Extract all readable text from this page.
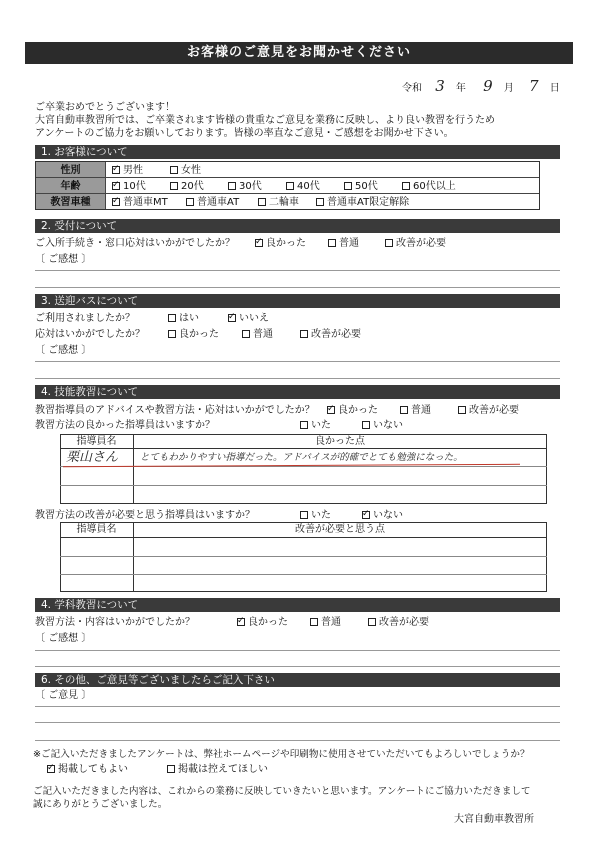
お客様のご意見をお聞かせください
令和 3 年 9 月 7 日
ご卒業おめでとうございます！
大宮自動車教習所では、ご卒業されます皆様の貴重なご意見を業務に反映し、より良い教習を行うため
アンケートのご協力をお願いしております。皆様の率直なご意見・ご感想をお聞かせ下さい。
1. お客様について
性別 ✓	男性	女性
年齢 ✓	10代	20代	30代	40代	50代	60代以上
教習車種 ✓	普通車MT	普通車AT	二輪車	普通車AT限定解除
2. 受付について
ご入所手続き・窓口応対はいかがでしたか？ ✓	良かった	普通	改善が必要
〔 ご感想 〕
3. 送迎バスについて
ご利用されましたか？	はい ✓	いいえ
応対はいかがでしたか？	良かった	普通	改善が必要
〔 ご感想 〕
4. 技能教習について
教習指導員のアドバイスや教習方法・応対はいかがでしたか？ ✓	良かった	普通	改善が必要
教習方法の良かった指導員はいますか？	いた	いない
指導員名	良かった点
栗山さん とてもわかりやすい指導だった。アドバイスが的確でとても勉強になった。
教習方法の改善が必要と思う指導員はいますか？	いた ✓	いない
指導員名	改善が必要と思う点
4. 学科教習について
教習方法・内容はいかがでしたか？ ✓	良かった	普通	改善が必要
〔 ご感想 〕
6. その他、ご意見等ございましたらご記入下さい
〔 ご意見 〕
※ご記入いただきましたアンケートは、弊社ホームページや印刷物に使用させていただいてもよろしいでしょうか？
✓掲載してもよい	掲載は控えてほしい
ご記入いただきました内容は、これからの業務に反映していきたいと思います。アンケートにご協力いただきまして
誠にありがとうございました。
大宮自動車教習所
